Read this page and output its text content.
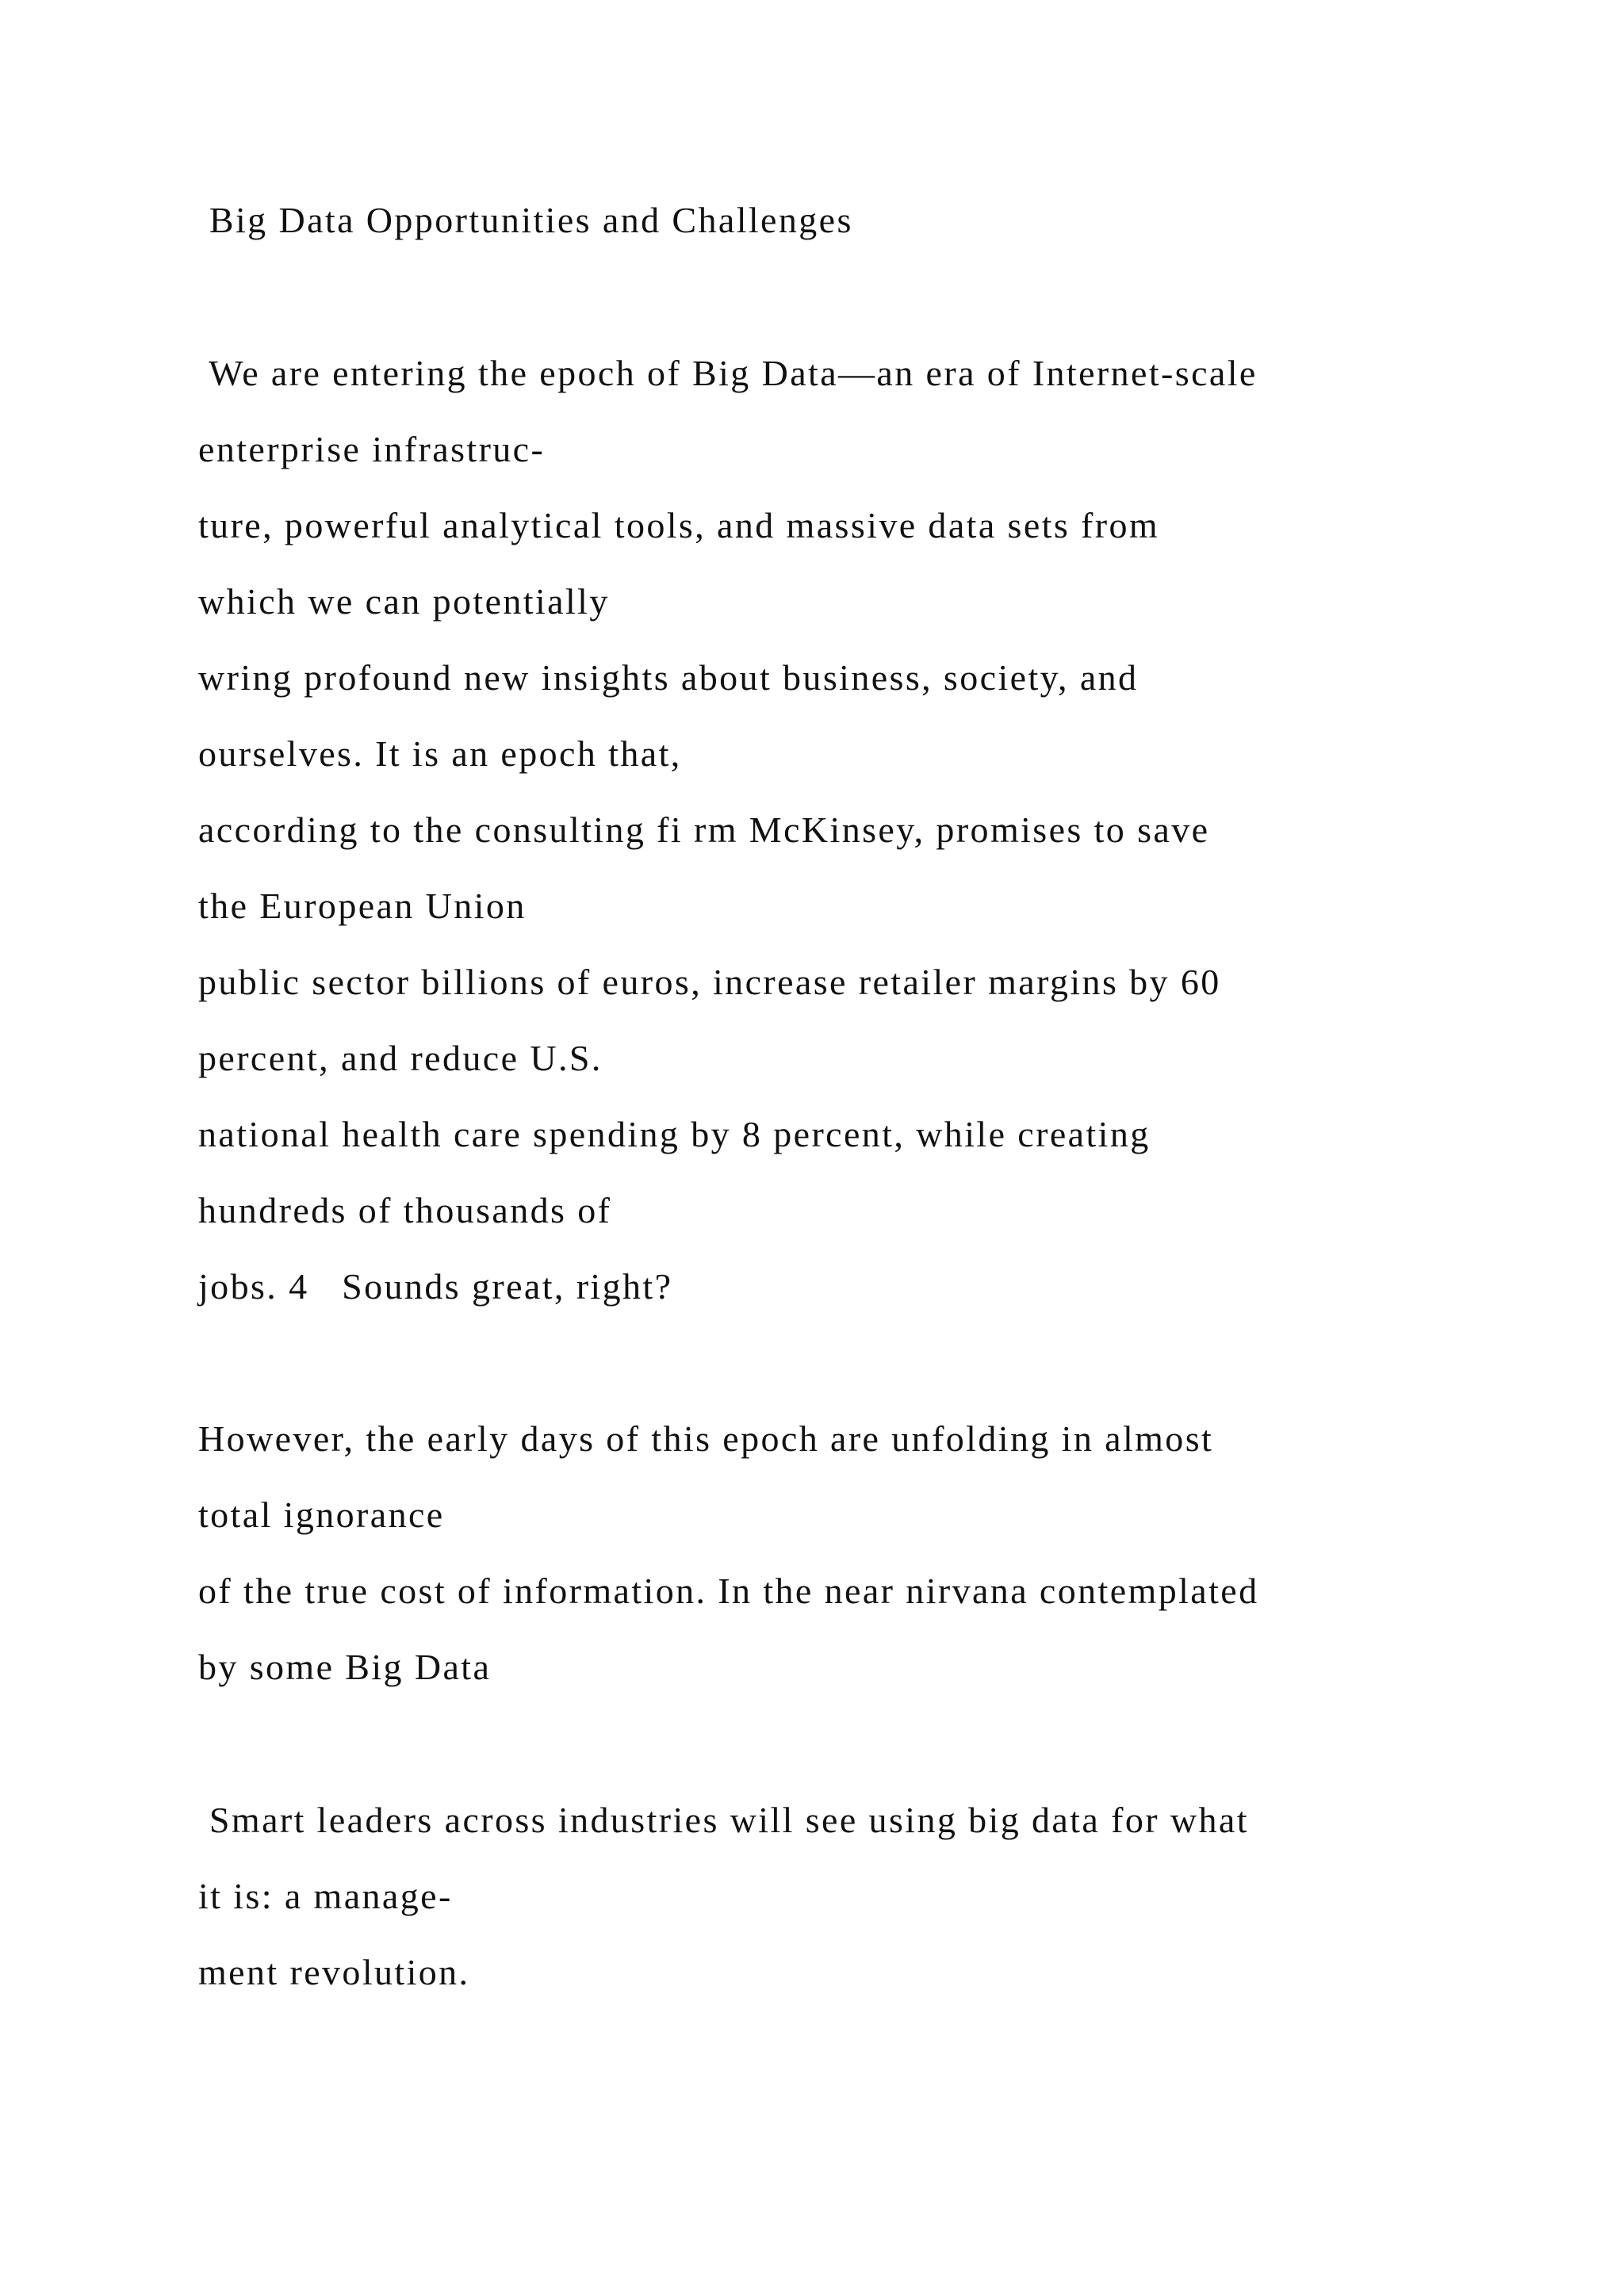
Big Data Opportunities and Challenges

We are entering the epoch of Big Data—an era of Internet-scale

enterprise infrastruc-

ture, powerful analytical tools, and massive data sets from

which we can potentially

wring profound new insights about business, society, and

ourselves. It is an epoch that,

according to the consulting fi rm McKinsey, promises to save

the European Union

public sector billions of euros, increase retailer margins by 60

percent, and reduce U.S.

national health care spending by 8 percent, while creating

hundreds of thousands of

jobs. 4   Sounds great, right?

However, the early days of this epoch are unfolding in almost

total ignorance

of the true cost of information. In the near nirvana contemplated

by some Big Data

Smart leaders across industries will see using big data for what

it is: a manage-

ment revolution.
